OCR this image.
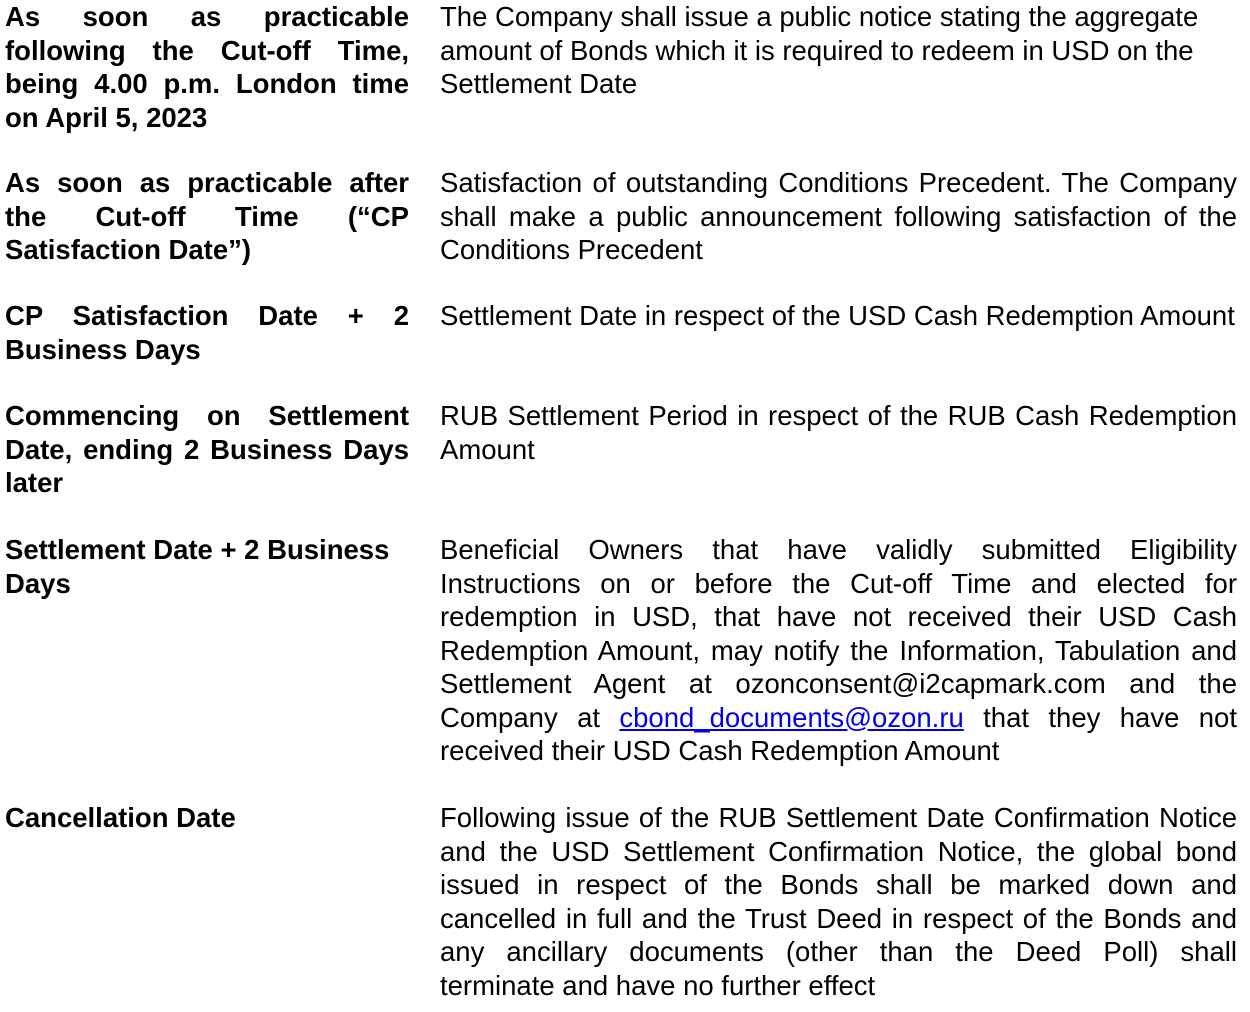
As soon as practicable following the Cut-off Time, being 4.00 p.m. London time on April 5, 2023
The Company shall issue a public notice stating the aggregate amount of Bonds which it is required to redeem in USD on the Settlement Date
As soon as practicable after the Cut-off Time (“CP Satisfaction Date”)
Satisfaction of outstanding Conditions Precedent. The Company shall make a public announcement following satisfaction of the Conditions Precedent
CP Satisfaction Date + 2 Business Days
Settlement Date in respect of the USD Cash Redemption Amount
Commencing on Settlement Date, ending 2 Business Days later
RUB Settlement Period in respect of the RUB Cash Redemption Amount
Settlement Date + 2 Business Days
Beneficial Owners that have validly submitted Eligibility Instructions on or before the Cut-off Time and elected for redemption in USD, that have not received their USD Cash Redemption Amount, may notify the Information, Tabulation and Settlement Agent at ozonconsent@i2capmark.com and the Company at cbond_documents@ozon.ru that they have not received their USD Cash Redemption Amount
Cancellation Date	Following issue of the RUB Settlement Date Confirmation Notice and the USD Settlement Confirmation Notice, the global bond issued in respect of the Bonds shall be marked down and cancelled in full and the Trust Deed in respect of the Bonds and any ancillary documents (other than the Deed Poll) shall terminate and have no further effect
